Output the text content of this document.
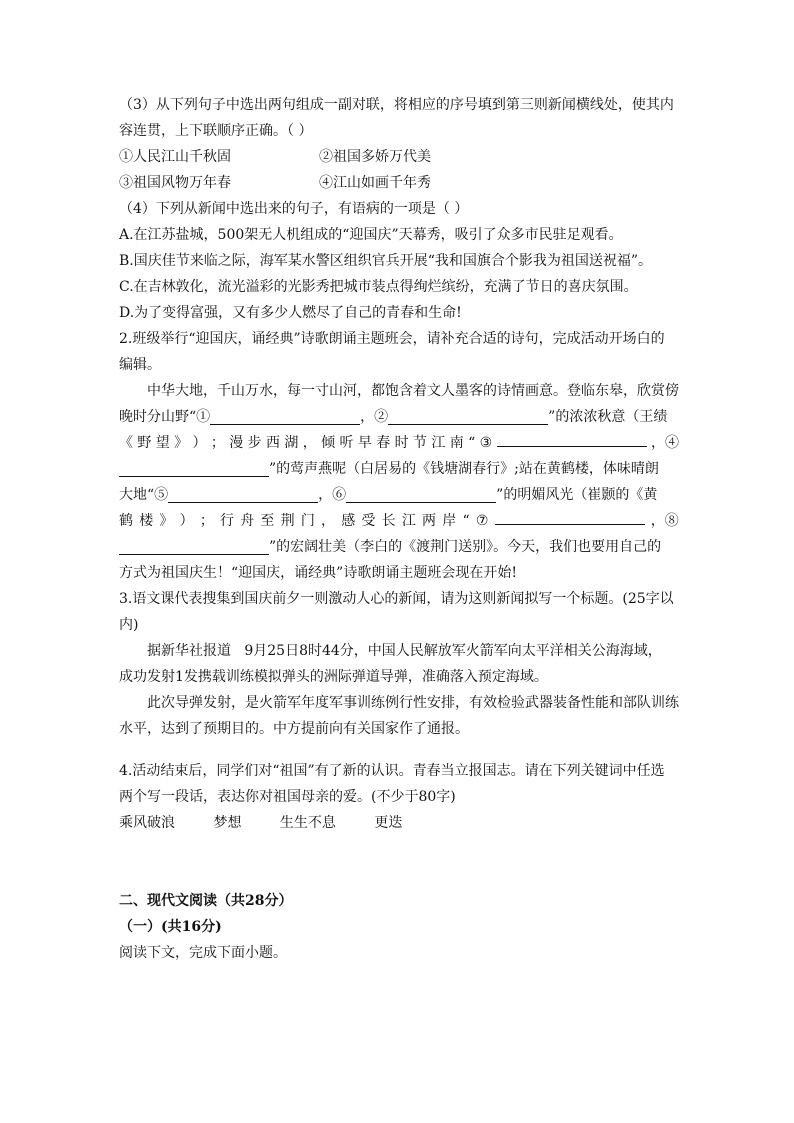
（3）从下列句子中选出两句组成一副对联，将相应的序号填到第三则新闻横线处，使其内
容连贯，上下联顺序正确。（ ）
①人民江山千秋固	②祖国多娇万代美
③祖国风物万年春	④江山如画千年秀
（4）下列从新闻中选出来的句子，有语病的一项是（ ）
A.在江苏盐城，500架无人机组成的“迎国庆”天幕秀，吸引了众多市民驻足观看。
B.国庆佳节来临之际，海军某水警区组织官兵开展“我和国旗合个影我为祖国送祝福”。
C.在吉林敦化，流光溢彩的光影秀把城市装点得绚烂缤纷，充满了节日的喜庆氛围。
D.为了变得富强，又有多少人燃尽了自己的青春和生命!
2.班级举行“迎国庆，诵经典”诗歌朗诵主题班会，请补充合适的诗句，完成活动开场白的
编辑。
中华大地，千山万水，每一寸山河，都饱含着文人墨客的诗情画意。登临东皋，欣赏傍
晚时分山野“①	，②	”的浓浓秋意（王绩
《 野 望 》 ） ； 漫 步 西 湖 ， 倾 听 早 春 时 节 江 南 “ ③	，④
”的莺声燕呢（白居易的《钱塘湖春行》;站在黄鹤楼，体味晴朗
大地“⑤	，⑥	”的明媚风光（崔颢的《黄
鹤 楼 》 ） ； 行 舟 至 荆 门 ， 感 受 长 江 两 岸 “ ⑦	，⑧
”的宏阔壮美（李白的《渡荆门送别》。今天，我们也要用自己的
方式为祖国庆生！“迎国庆，诵经典”诗歌朗诵主题班会现在开始!
3.语文课代表搜集到国庆前夕一则激动人心的新闻，请为这则新闻拟写一个标题。(25字以
内)
据新华社报道   9月25日8时44分，中国人民解放军火箭军向太平洋相关公海海域，
成功发射1发携载训练模拟弹头的洲际弹道导弹，准确落入预定海域。
此次导弹发射，是火箭军年度军事训练例行性安排，有效检验武器装备性能和部队训练
水平，达到了预期目的。中方提前向有关国家作了通报。
4.活动结束后，同学们对“祖国”有了新的认识。青春当立报国志。请在下列关键词中任选
两个写一段话，表达你对祖国母亲的爱。(不少于80字)
乘风破浪	梦想	生生不息	更迭
二、现代文阅读（共28分）
（一）(共16分)
阅读下文，完成下面小题。
